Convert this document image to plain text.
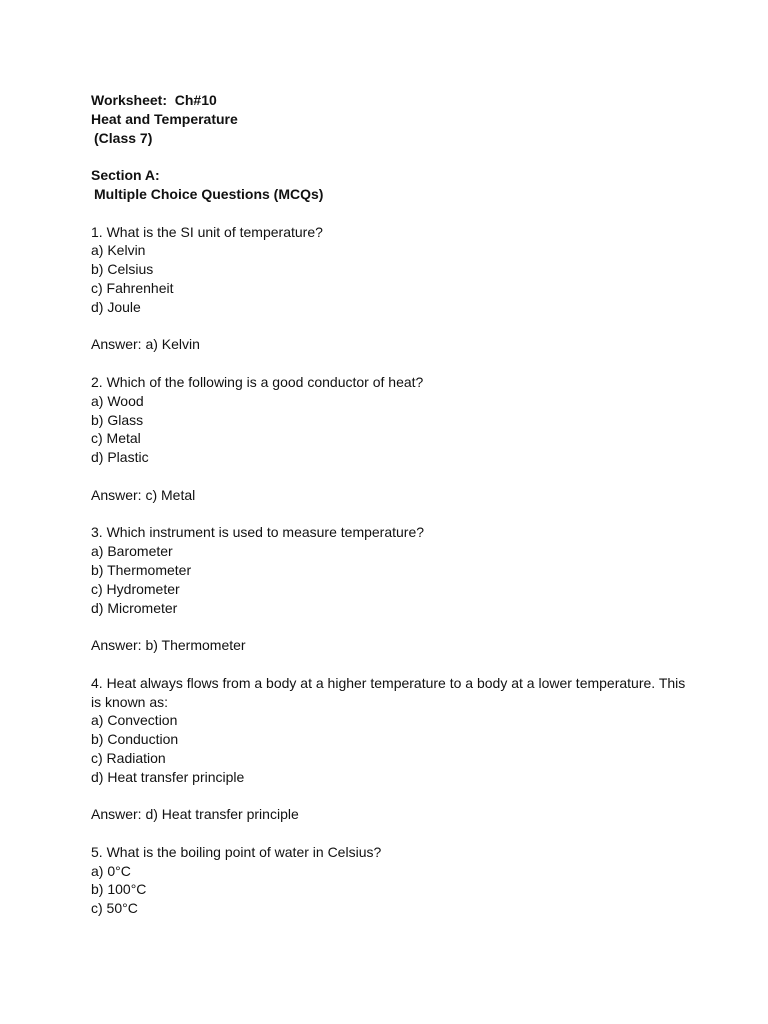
Worksheet:  Ch#10
Heat and Temperature
(Class 7)
Section A:
Multiple Choice Questions (MCQs)
1. What is the SI unit of temperature?
a) Kelvin
b) Celsius
c) Fahrenheit
d) Joule
Answer: a) Kelvin
2. Which of the following is a good conductor of heat?
a) Wood
b) Glass
c) Metal
d) Plastic
Answer: c) Metal
3. Which instrument is used to measure temperature?
a) Barometer
b) Thermometer
c) Hydrometer
d) Micrometer
Answer: b) Thermometer
4. Heat always flows from a body at a higher temperature to a body at a lower temperature. This is known as:
a) Convection
b) Conduction
c) Radiation
d) Heat transfer principle
Answer: d) Heat transfer principle
5. What is the boiling point of water in Celsius?
a) 0°C
b) 100°C
c) 50°C
